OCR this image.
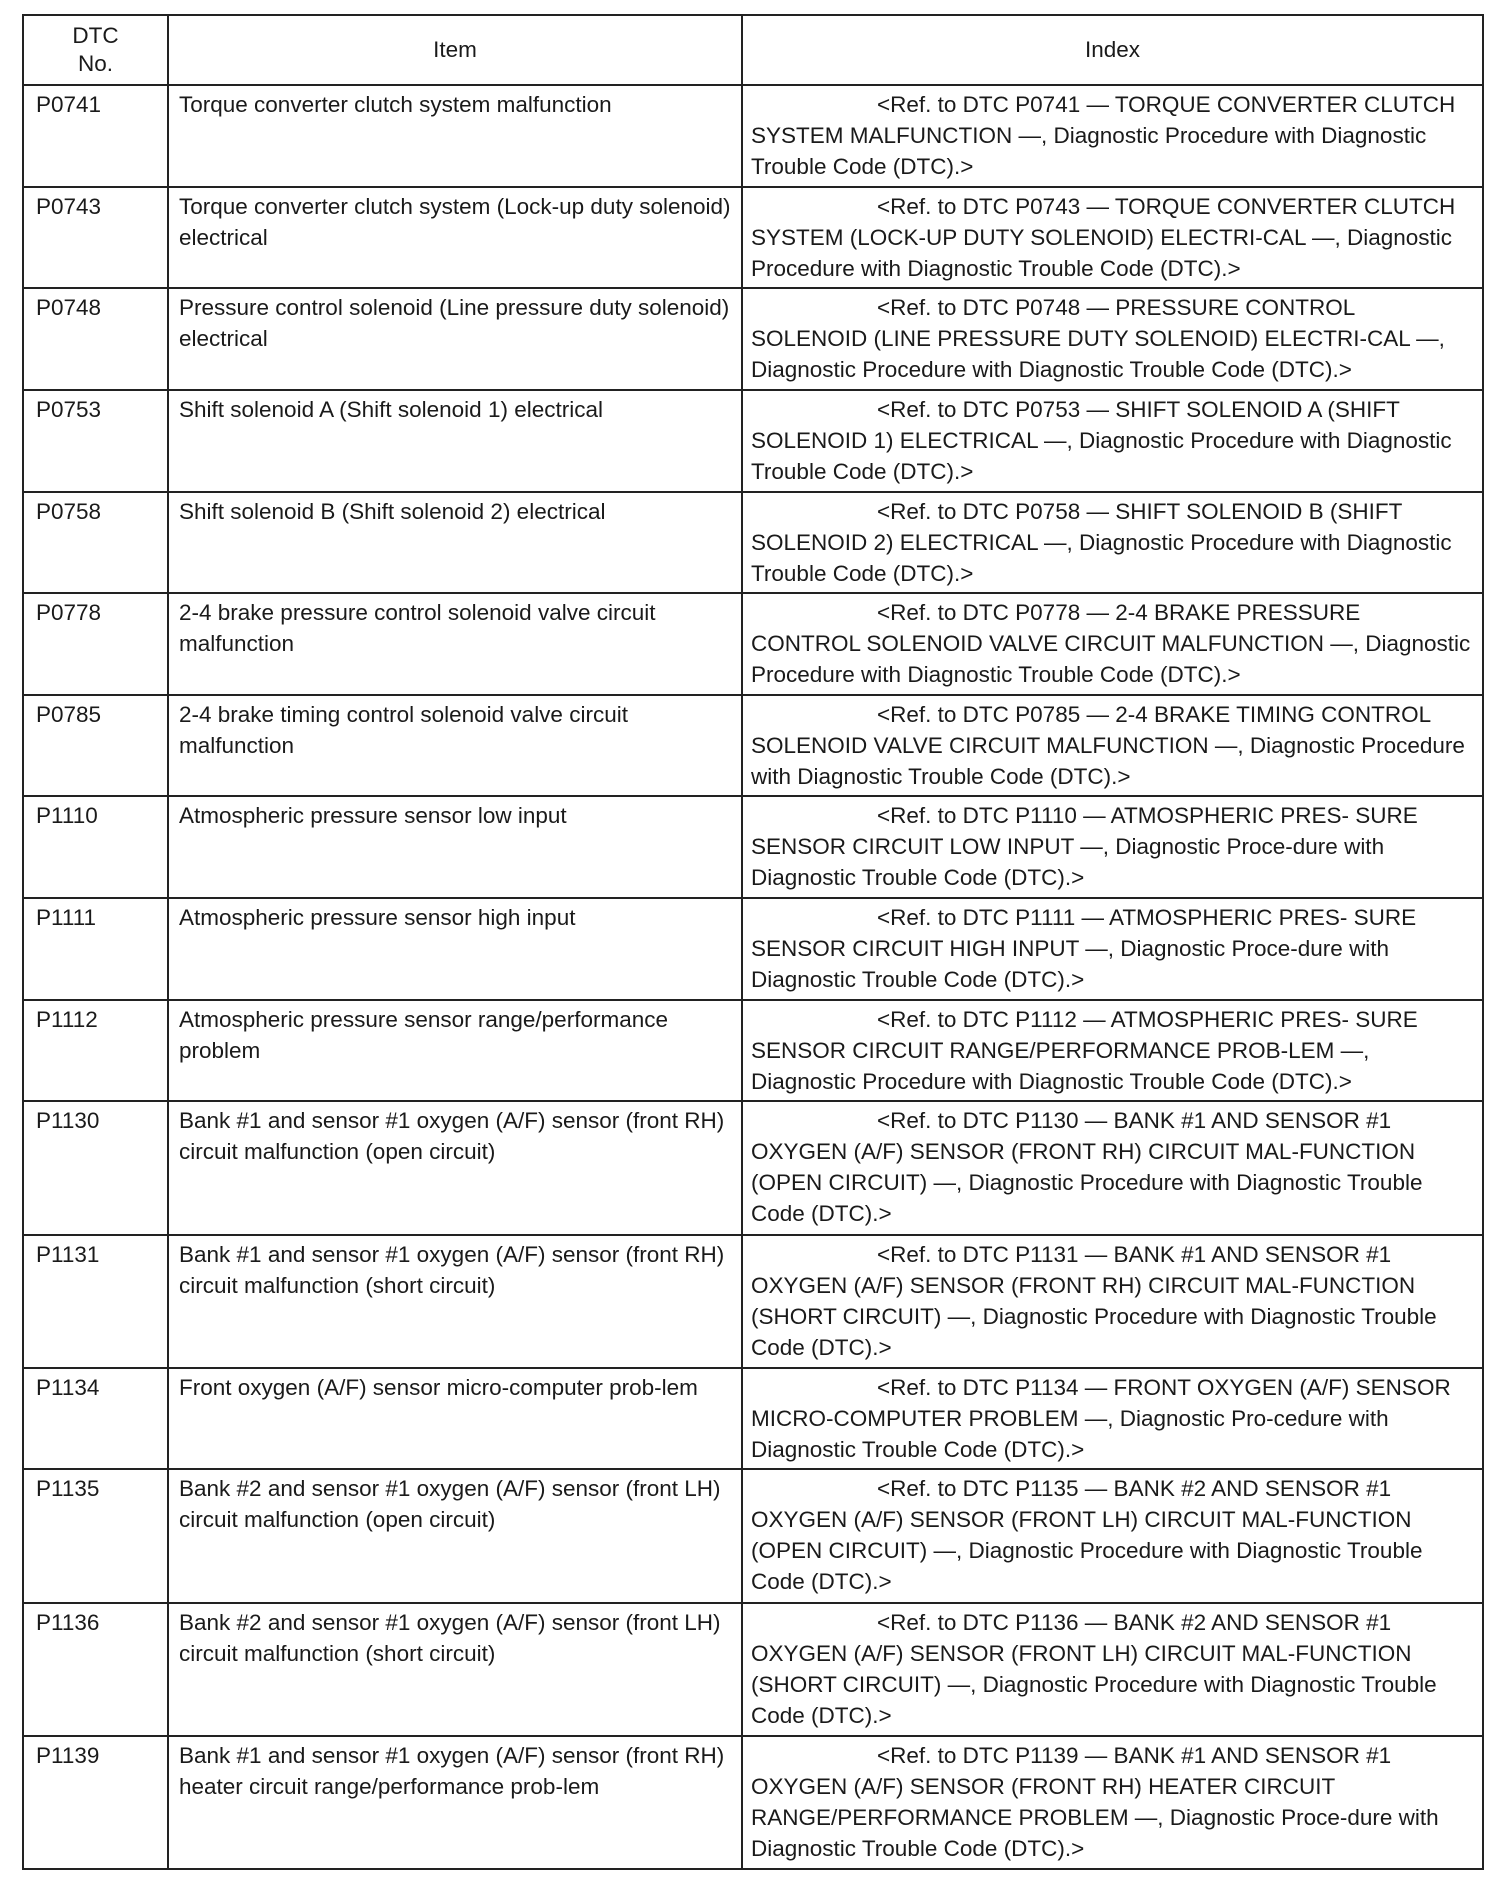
DTC
No.	Item	Index
P0741	Torque converter clutch system malfunction	<Ref. to DTC P0741 — TORQUE CONVERTER CLUTCH SYSTEM MALFUNCTION —, Diagnostic Procedure with Diagnostic Trouble Code (DTC).>
P0743	Torque converter clutch system (Lock-up duty solenoid) electrical	<Ref. to DTC P0743 — TORQUE CONVERTER CLUTCH SYSTEM (LOCK-UP DUTY SOLENOID) ELECTRI-CAL —, Diagnostic Procedure with Diagnostic Trouble Code (DTC).>
P0748	Pressure control solenoid (Line pressure duty solenoid) electrical	<Ref. to DTC P0748 — PRESSURE CONTROL SOLENOID (LINE PRESSURE DUTY SOLENOID) ELECTRI-CAL —, Diagnostic Procedure with Diagnostic Trouble Code (DTC).>
P0753	Shift solenoid A (Shift solenoid 1) electrical	<Ref. to DTC P0753 — SHIFT SOLENOID A (SHIFT SOLENOID 1) ELECTRICAL —, Diagnostic Procedure with Diagnostic Trouble Code (DTC).>
P0758	Shift solenoid B (Shift solenoid 2) electrical	<Ref. to DTC P0758 — SHIFT SOLENOID B (SHIFT SOLENOID 2) ELECTRICAL —, Diagnostic Procedure with Diagnostic Trouble Code (DTC).>
P0778	2-4 brake pressure control solenoid valve circuit malfunction	<Ref. to DTC P0778 — 2-4 BRAKE PRESSURE CONTROL SOLENOID VALVE CIRCUIT MALFUNCTION —, Diagnostic Procedure with Diagnostic Trouble Code (DTC).>
P0785	2-4 brake timing control solenoid valve circuit malfunction	<Ref. to DTC P0785 — 2-4 BRAKE TIMING CONTROL SOLENOID VALVE CIRCUIT MALFUNCTION —, Diagnostic Procedure with Diagnostic Trouble Code (DTC).>
P1110	Atmospheric pressure sensor low input	<Ref. to DTC P1110 — ATMOSPHERIC PRES- SURE SENSOR CIRCUIT LOW INPUT —, Diagnostic Proce-dure with Diagnostic Trouble Code (DTC).>
P1111	Atmospheric pressure sensor high input	<Ref. to DTC P1111 — ATMOSPHERIC PRES- SURE SENSOR CIRCUIT HIGH INPUT —, Diagnostic Proce-dure with Diagnostic Trouble Code (DTC).>
P1112	Atmospheric pressure sensor range/performance problem	<Ref. to DTC P1112 — ATMOSPHERIC PRES- SURE SENSOR CIRCUIT RANGE/PERFORMANCE PROB-LEM —, Diagnostic Procedure with Diagnostic Trouble Code (DTC).>
P1130	Bank #1 and sensor #1 oxygen (A/F) sensor (front RH) circuit malfunction (open circuit)	<Ref. to DTC P1130 — BANK #1 AND SENSOR #1 OXYGEN (A/F) SENSOR (FRONT RH) CIRCUIT MAL-FUNCTION (OPEN CIRCUIT) —, Diagnostic Procedure with Diagnostic Trouble Code (DTC).>
P1131	Bank #1 and sensor #1 oxygen (A/F) sensor (front RH) circuit malfunction (short circuit)	<Ref. to DTC P1131 — BANK #1 AND SENSOR #1 OXYGEN (A/F) SENSOR (FRONT RH) CIRCUIT MAL-FUNCTION (SHORT CIRCUIT) —, Diagnostic Procedure with Diagnostic Trouble Code (DTC).>
P1134	Front oxygen (A/F) sensor micro-computer prob-lem	<Ref. to DTC P1134 — FRONT OXYGEN (A/F) SENSOR MICRO-COMPUTER PROBLEM —, Diagnostic Pro-cedure with Diagnostic Trouble Code (DTC).>
P1135	Bank #2 and sensor #1 oxygen (A/F) sensor (front LH) circuit malfunction (open circuit)	<Ref. to DTC P1135 — BANK #2 AND SENSOR #1 OXYGEN (A/F) SENSOR (FRONT LH) CIRCUIT MAL-FUNCTION (OPEN CIRCUIT) —, Diagnostic Procedure with Diagnostic Trouble Code (DTC).>
P1136	Bank #2 and sensor #1 oxygen (A/F) sensor (front LH) circuit malfunction (short circuit)	<Ref. to DTC P1136 — BANK #2 AND SENSOR #1 OXYGEN (A/F) SENSOR (FRONT LH) CIRCUIT MAL-FUNCTION (SHORT CIRCUIT) —, Diagnostic Procedure with Diagnostic Trouble Code (DTC).>
P1139	Bank #1 and sensor #1 oxygen (A/F) sensor (front RH) heater circuit range/performance prob-lem	<Ref. to DTC P1139 — BANK #1 AND SENSOR #1 OXYGEN (A/F) SENSOR (FRONT RH) HEATER CIRCUIT RANGE/PERFORMANCE PROBLEM —, Diagnostic Proce-dure with Diagnostic Trouble Code (DTC).>
